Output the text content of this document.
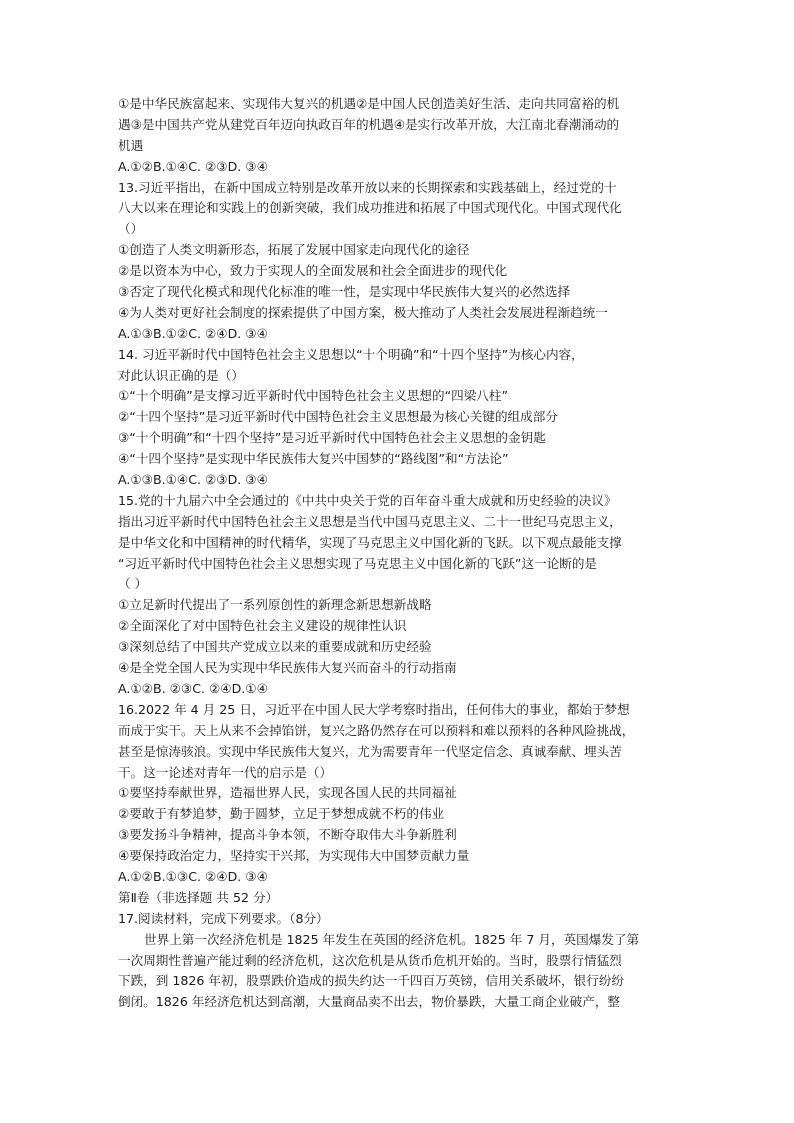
①是中华民族富起来、实现伟大复兴的机遇②是中国人民创造美好生活、走向共同富裕的机
遇③是中国共产党从建党百年迈向执政百年的机遇④是实行改革开放，大江南北春潮涌动的
机遇
A.①②B.①④C. ②③D. ③④
13.习近平指出，在新中国成立特别是改革开放以来的长期探索和实践基础上，经过党的十
八大以来在理论和实践上的创新突破，我们成功推进和拓展了中国式现代化。中国式现代化
（）
①创造了人类文明新形态，拓展了发展中国家走向现代化的途径
②是以资本为中心，致力于实现人的全面发展和社会全面进步的现代化
③否定了现代化模式和现代化标准的唯一性，是实现中华民族伟大复兴的必然选择
④为人类对更好社会制度的探索提供了中国方案，极大推动了人类社会发展进程渐趋统一
A.①③B.①②C. ②④D. ③④
14. 习近平新时代中国特色社会主义思想以“十个明确”和“十四个坚持”为核心内容，
对此认识正确的是（）
①“十个明确”是支撑习近平新时代中国特色社会主义思想的“四梁八柱”
②“十四个坚持”是习近平新时代中国特色社会主义思想最为核心关键的组成部分
③“十个明确”和“十四个坚持”是习近平新时代中国特色社会主义思想的金钥匙
④“十四个坚持”是实现中华民族伟大复兴中国梦的“路线图”和“方法论”
A.①③B.①④C. ②③D. ③④
15.党的十九届六中全会通过的《中共中央关于党的百年奋斗重大成就和历史经验的决议》
指出习近平新时代中国特色社会主义思想是当代中国马克思主义、二十一世纪马克思主义，
是中华文化和中国精神的时代精华，实现了马克思主义中国化新的飞跃。以下观点最能支撑
“习近平新时代中国特色社会主义思想实现了马克思主义中国化新的飞跃”这一论断的是
（ ）
①立足新时代提出了一系列原创性的新理念新思想新战略
②全面深化了对中国特色社会主义建设的规律性认识
③深刻总结了中国共产党成立以来的重要成就和历史经验
④是全党全国人民为实现中华民族伟大复兴而奋斗的行动指南
A.①②B. ②③C. ②④D.①④
16.2022 年 4 月 25 日，习近平在中国人民大学考察时指出，任何伟大的事业，都始于梦想
而成于实干。天上从来不会掉馅饼，复兴之路仍然存在可以预料和难以预料的各种风险挑战，
甚至是惊涛骇浪。实现中华民族伟大复兴，尤为需要青年一代坚定信念、真诚奉献、埋头苦
干。这一论述对青年一代的启示是（）
①要坚持奉献世界，造福世界人民，实现各国人民的共同福祉
②要敢于有梦追梦，勤于圆梦，立足于梦想成就不朽的伟业
③要发扬斗争精神，提高斗争本领，不断夺取伟大斗争新胜利
④要保持政治定力，坚持实干兴邦，为实现伟大中国梦贡献力量
A.①②B.①③C. ②④D. ③④
第Ⅱ卷（非选择题 共 52 分）
17.阅读材料，完成下列要求。（8分）
世界上第一次经济危机是 1825 年发生在英国的经济危机。1825 年 7 月，英国爆发了第
一次周期性普遍产能过剩的经济危机，这次危机是从货币危机开始的。当时，股票行情猛烈
下跌，到 1826 年初，股票跌价造成的损失约达一千四百万英镑，信用关系破坏，银行纷纷
倒闭。1826 年经济危机达到高潮，大量商品卖不出去，物价暴跌，大量工商企业破产，整
